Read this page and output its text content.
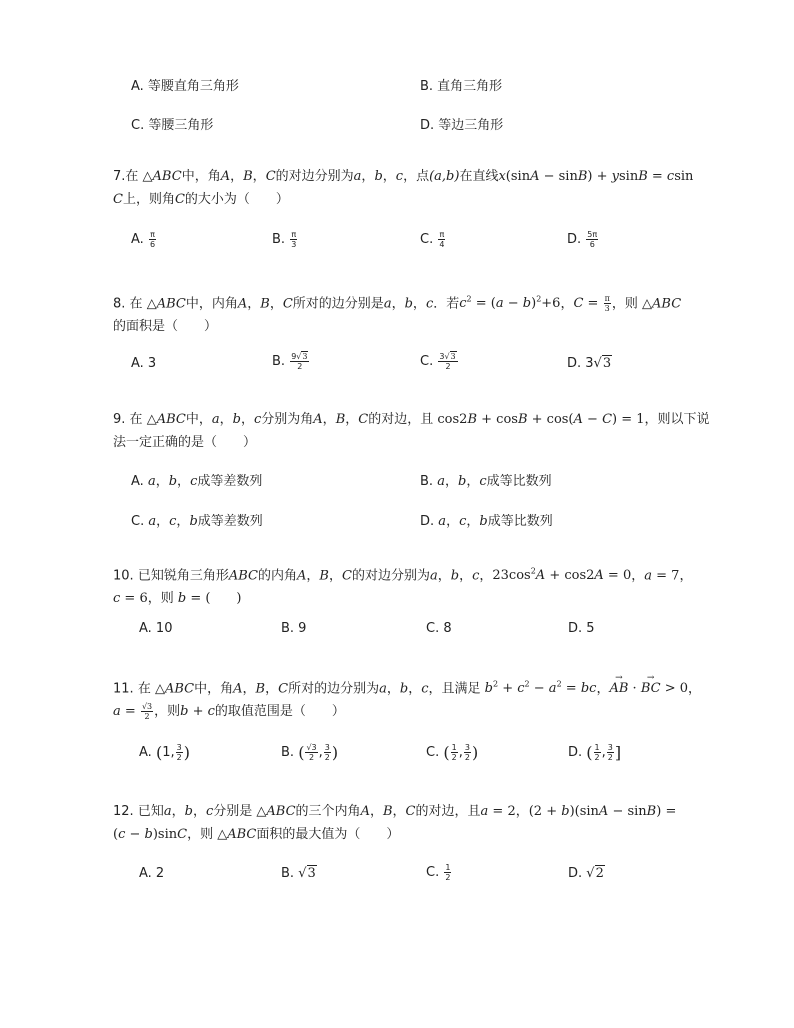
A. 等腰直角三角形	B. 直角三角形
C. 等腰三角形	D. 等边三角形
7.在 △ABC中，角A，B，C的对边分别为a，b，c，点(a,b)在直线x(sinA − sinB) + ysinB = csin
C上，则角C的大小为（　　）
A. $\frac{\pi}{6}$	B. $\frac{\pi}{3}$	C. $\frac{\pi}{4}$	D. $\frac{5\pi}{6}$
8. 在 △ABC中，内角A，B，C所对的边分别是a，b，c．若$c^2 = (a - b)^2+6$，$C = \frac{\pi}{3}$ ，则 △ABC
的面积是（　　）
A. 3	B. $\frac{9√3}{2}$	C. $\frac{3√3}{2}$	D. 3√3
9. 在 △ABC中，a，b，c分别为角A，B，C的对边，且 cos2B + cosB + cos(A − C) = 1，则以下说
法一定正确的是（　　）
A. a，b，c成等差数列	B. a，b，c成等比数列
C. a，c，b成等差数列	D. a，c，b成等比数列
10. 已知锐角三角形ABC的内角A，B，C的对边分别为a，b，c，$23\cos^2A + \cos 2A = 0$，a = 7，
c = 6，则 b = (　　)
A. 10	B. 9	C. 8	D. 5
11. 在 △ABC中，角A，B，C所对的边分别为a，b，c，且满足 $b^2 + c^2 - a^2$ = bc，→ AB · → BC > 0，
$a = \frac{√3}{2}$ ，则b + c的取值范围是（　　）
A. (1, $\frac{3}{2}$ )	B. ( $\frac{√3}{2}$ , $\frac{3}{2}$ )	C. ( $\frac{1}{2}$ , $\frac{3}{2}$ )	D. ( $\frac{1}{2}$ , $\frac{3}{2}$ ]
12. 已知a，b，c分别是 △ABC的三个内角A，B，C的对边，且a = 2，(2 + b)(sinA − sinB) =
(c − b)sinC，则 △ABC面积的最大值为（　　）
A. 2	B. √3	C. $\frac{1}{2}$	D. √2
